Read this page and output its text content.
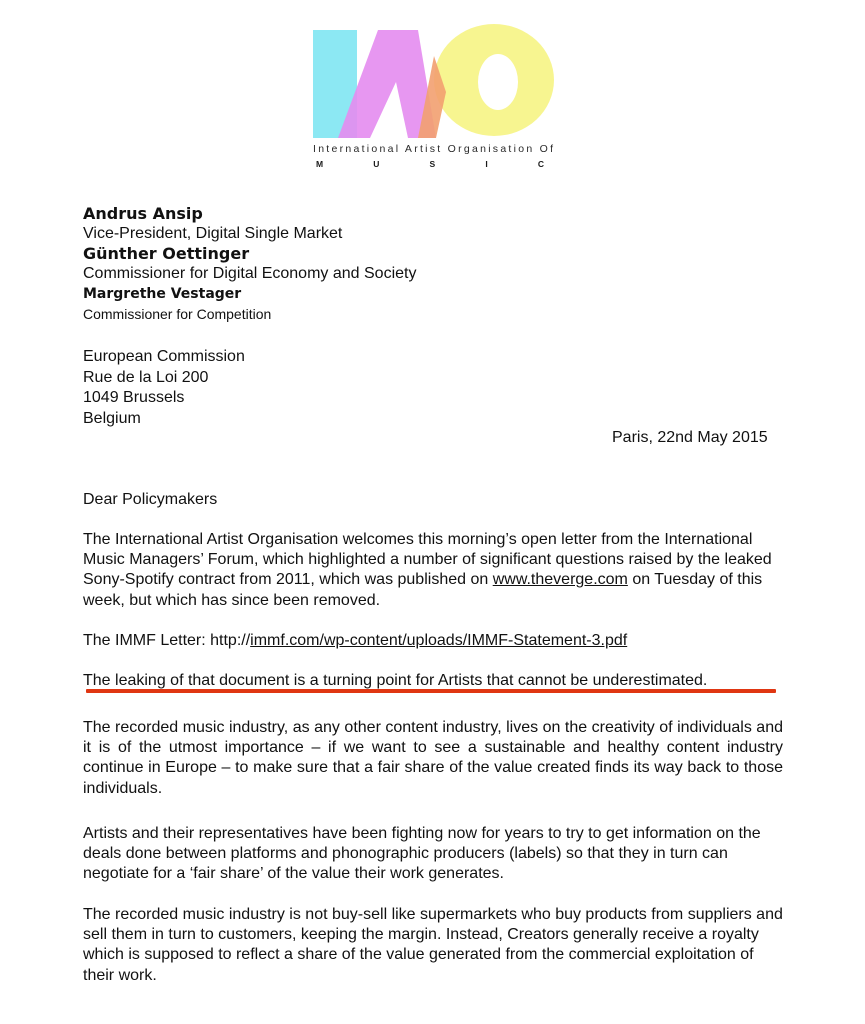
International Artist Organisation Of
M U S I C
Andrus Ansip
Vice-President, Digital Single Market
Günther Oettinger
Commissioner for Digital Economy and Society
Margrethe Vestager
Commissioner for Competition
European Commission
Rue de la Loi 200
1049 Brussels
Belgium
Paris, 22nd May 2015
Dear Policymakers

The International Artist Organisation welcomes this morning’s open letter from the International Music Managers’ Forum, which highlighted a number of significant questions raised by the leaked Sony-Spotify contract from 2011, which was published on www.theverge.com on Tuesday of this week, but which has since been removed.

The IMMF Letter: http://immf.com/wp-content/uploads/IMMF-Statement-3.pdf

The leaking of that document is a turning point for Artists that cannot be underestimated.

The recorded music industry, as any other content industry, lives on the creativity of individuals and it is of the utmost importance – if we want to see a sustainable and healthy content industry continue in Europe – to make sure that a fair share of the value created finds its way back to those individuals.

Artists and their representatives have been fighting now for years to try to get information on the deals done between platforms and phonographic producers (labels) so that they in turn can negotiate for a ‘fair share’ of the value their work generates.

The recorded music industry is not buy-sell like supermarkets who buy products from suppliers and sell them in turn to customers, keeping the margin. Instead, Creators generally receive a royalty which is supposed to reflect a share of the value generated from the commercial exploitation of their work.
